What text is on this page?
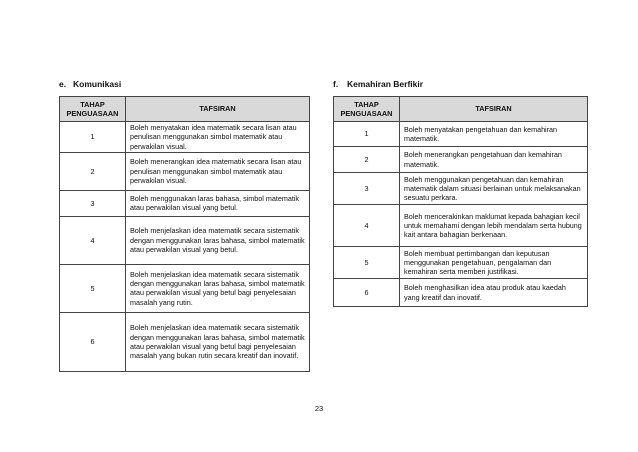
e. Komunikasi	f. Kemahiran Berfikir
TAHAP
PENGUASAAN	TAFSIRAN
1	Boleh menyatakan idea matematik secara lisan atau penulisan menggunakan simbol matematik atau perwakilan visual.
2	Boleh menerangkan idea matematik secara lisan atau penulisan menggunakan simbol matematik atau perwakilan visual.
3	Boleh menggunakan laras bahasa, simbol matematik atau perwakilan visual yang betul.
4	Boleh menjelaskan idea matematik secara sistematik dengan menggunakan laras bahasa, simbol matematik atau perwakilan visual yang betul.
5	Boleh menjelaskan idea matematik secara sistematik dengan menggunakan laras bahasa, simbol matematik atau perwakilan visual yang betul bagi penyelesaian masalah yang rutin.
6	Boleh menjelaskan idea matematik secara sistematik dengan menggunakan laras bahasa, simbol matematik atau perwakilan visual yang betul bagi penyelesaian masalah yang bukan rutin secara kreatif dan inovatif.
TAHAP
PENGUASAAN	TAFSIRAN
1	Boleh menyatakan pengetahuan dan kemahiran matematik.
2	Boleh menerangkan pengetahuan dan kemahiran matematik.
3	Boleh menggunakan pengetahuan dan kemahiran matematik dalam situasi berlainan untuk melaksanakan sesuatu perkara.
4	Boleh mencerakinkan maklumat kepada bahagian kecil untuk memahami dengan lebih mendalam serta hubung kait antara bahagian berkenaan.
5	Boleh membuat pertimbangan dan keputusan menggunakan pengetahuan, pengalaman dan kemahiran serta memberi justifikasi.
6	Boleh menghasilkan idea atau produk atau kaedah yang kreatif dan inovatif.
23
